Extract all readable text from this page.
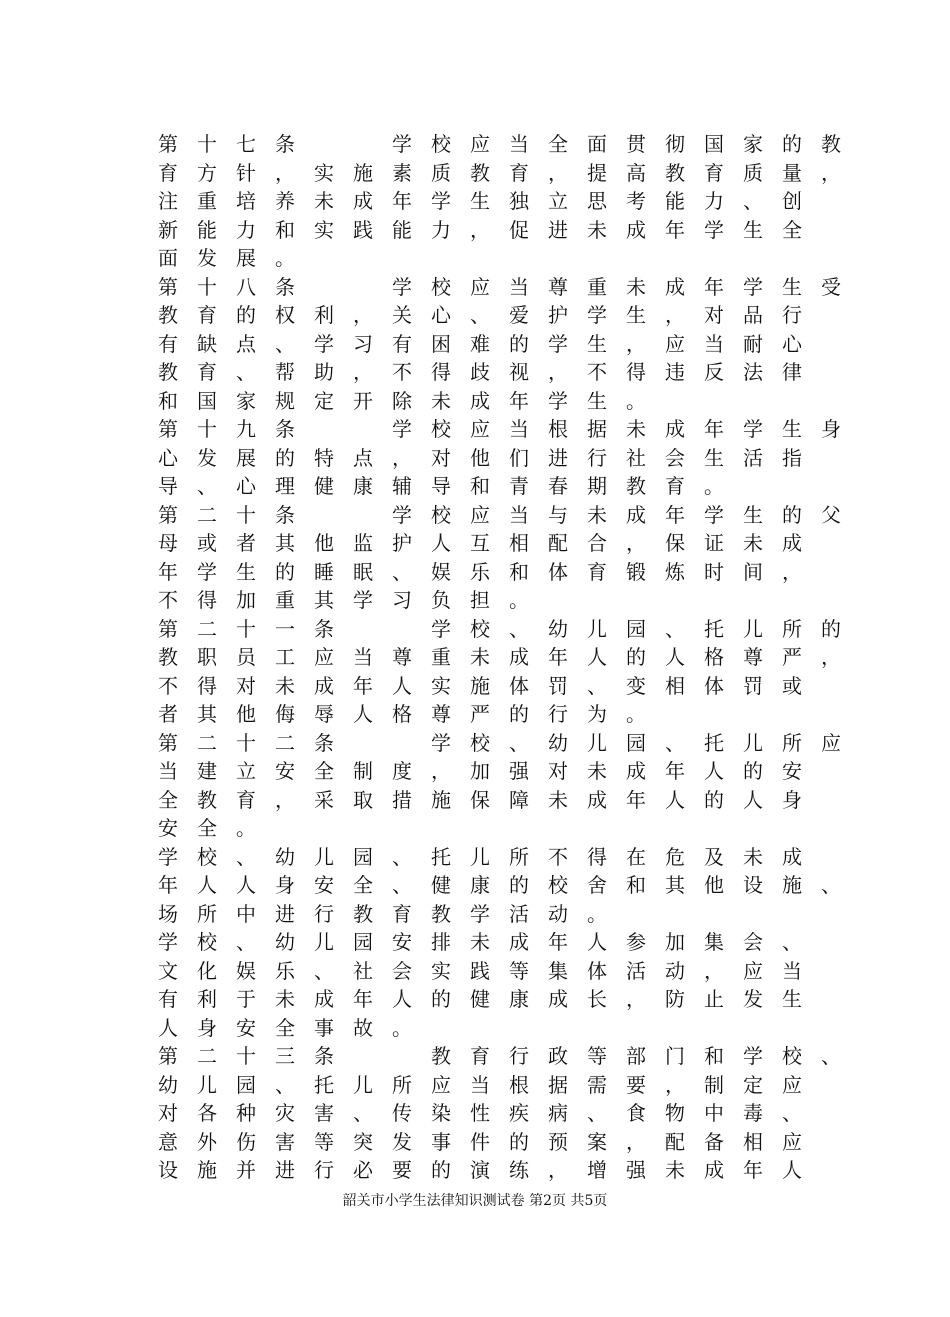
第十七条　　学校应当全面贯彻国家的教
育方针，实施素质教育，提高教育质量，
注重培养未成年学生独立思考能力、创
新能力和实践能力，促进未成年学生全
面发展。
第十八条　　学校应当尊重未成年学生受
教育的权利，关心、爱护学生，对品行
有缺点、学习有困难的学生，应当耐心
教育、帮助，不得歧视，不得违反法律
和国家规定开除未成年学生。
第十九条　　学校应当根据未成年学生身
心发展的特点，对他们进行社会生活指
导、心理健康辅导和青春期教育。
第二十条　　学校应当与未成年学生的父
母或者其他监护人互相配合，保证未成
年学生的睡眠、娱乐和体育锻炼时间，
不得加重其学习负担。
第二十一条　　学校、幼儿园、托儿所的
教职员工应当尊重未成年人的人格尊严，
不得对未成年人实施体罚、变相体罚或
者其他侮辱人格尊严的行为。
第二十二条　　学校、幼儿园、托儿所应
当建立安全制度，加强对未成年人的安
全教育，采取措施保障未成年人的人身
安全。
学校、幼儿园、托儿所不得在危及未成
年人人身安全、健康的校舍和其他设施、
场所中进行教育教学活动。
学校、幼儿园安排未成年人参加集会、
文化娱乐、社会实践等集体活动，应当
有利于未成年人的健康成长，防止发生
人身安全事故。
第二十三条　　教育行政等部门和学校、
幼儿园、托儿所应当根据需要，制定应
对各种灾害、传染性疾病、食物中毒、
意外伤害等突发事件的预案，配备相应
设施并进行必要的演练，增强未成年人
韶关市小学生法律知识测试卷 第2页 共5页
